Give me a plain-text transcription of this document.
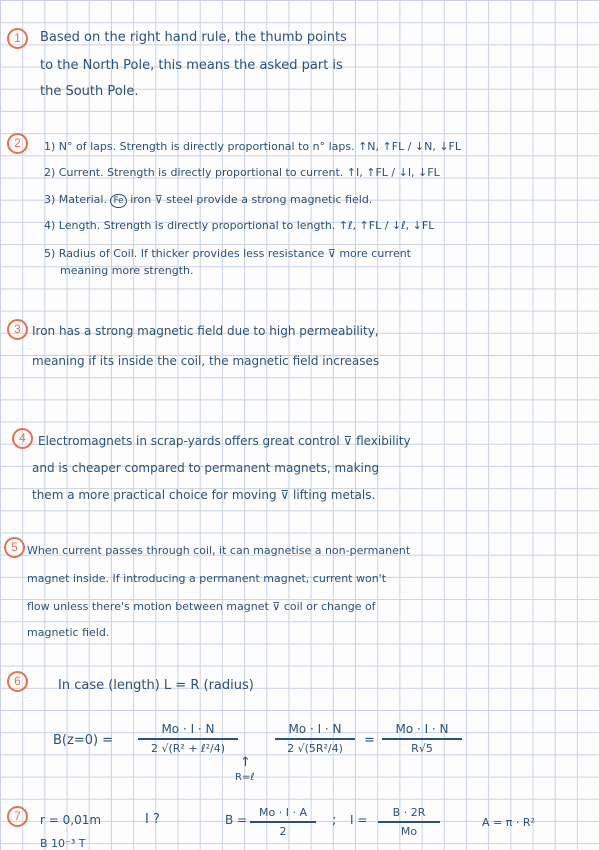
1	Based on the right hand rule, the thumb points
to the North Pole, this means the asked part is
the South Pole.
2	1) N° of laps. Strength is directly proportional to n° laps. ↑N, ↑FL / ↓N, ↓FL
2) Current. Strength is directly proportional to current. ↑I, ↑FL / ↓I, ↓FL
3) Material. Fe iron ⊽ steel provide a strong magnetic field.
4) Length. Strength is directly proportional to length. ↑ℓ, ↑FL / ↓ℓ, ↓FL
5) Radius of Coil. If thicker provides less resistance ⊽ more current
meaning more strength.
3 Iron has a strong magnetic field due to high permeability,
meaning if its inside the coil, the magnetic field increases
4	Electromagnets in scrap-yards offers great control ⊽ flexibility
and is cheaper compared to permanent magnets, making
them a more practical choice for moving ⊽ lifting metals.
5 When current passes through coil, it can magnetise a non-permanent
magnet inside. If introducing a permanent magnet, current won't
flow unless there's motion between magnet ⊽ coil or change of
magnetic field.
6	In case (length) L = R (radius)
B(z=0) =
Mo · I · N
2 √(R² + ℓ²/4)
↑
R=ℓ
Mo · I · N
2 √(5R²/4)	=
Mo · I · N
R√5
7	r = 0,01m	I ?	B =
Mo · I · A
2
; I =
B · 2R
Mo
A = π · R²
B 10⁻³ T
